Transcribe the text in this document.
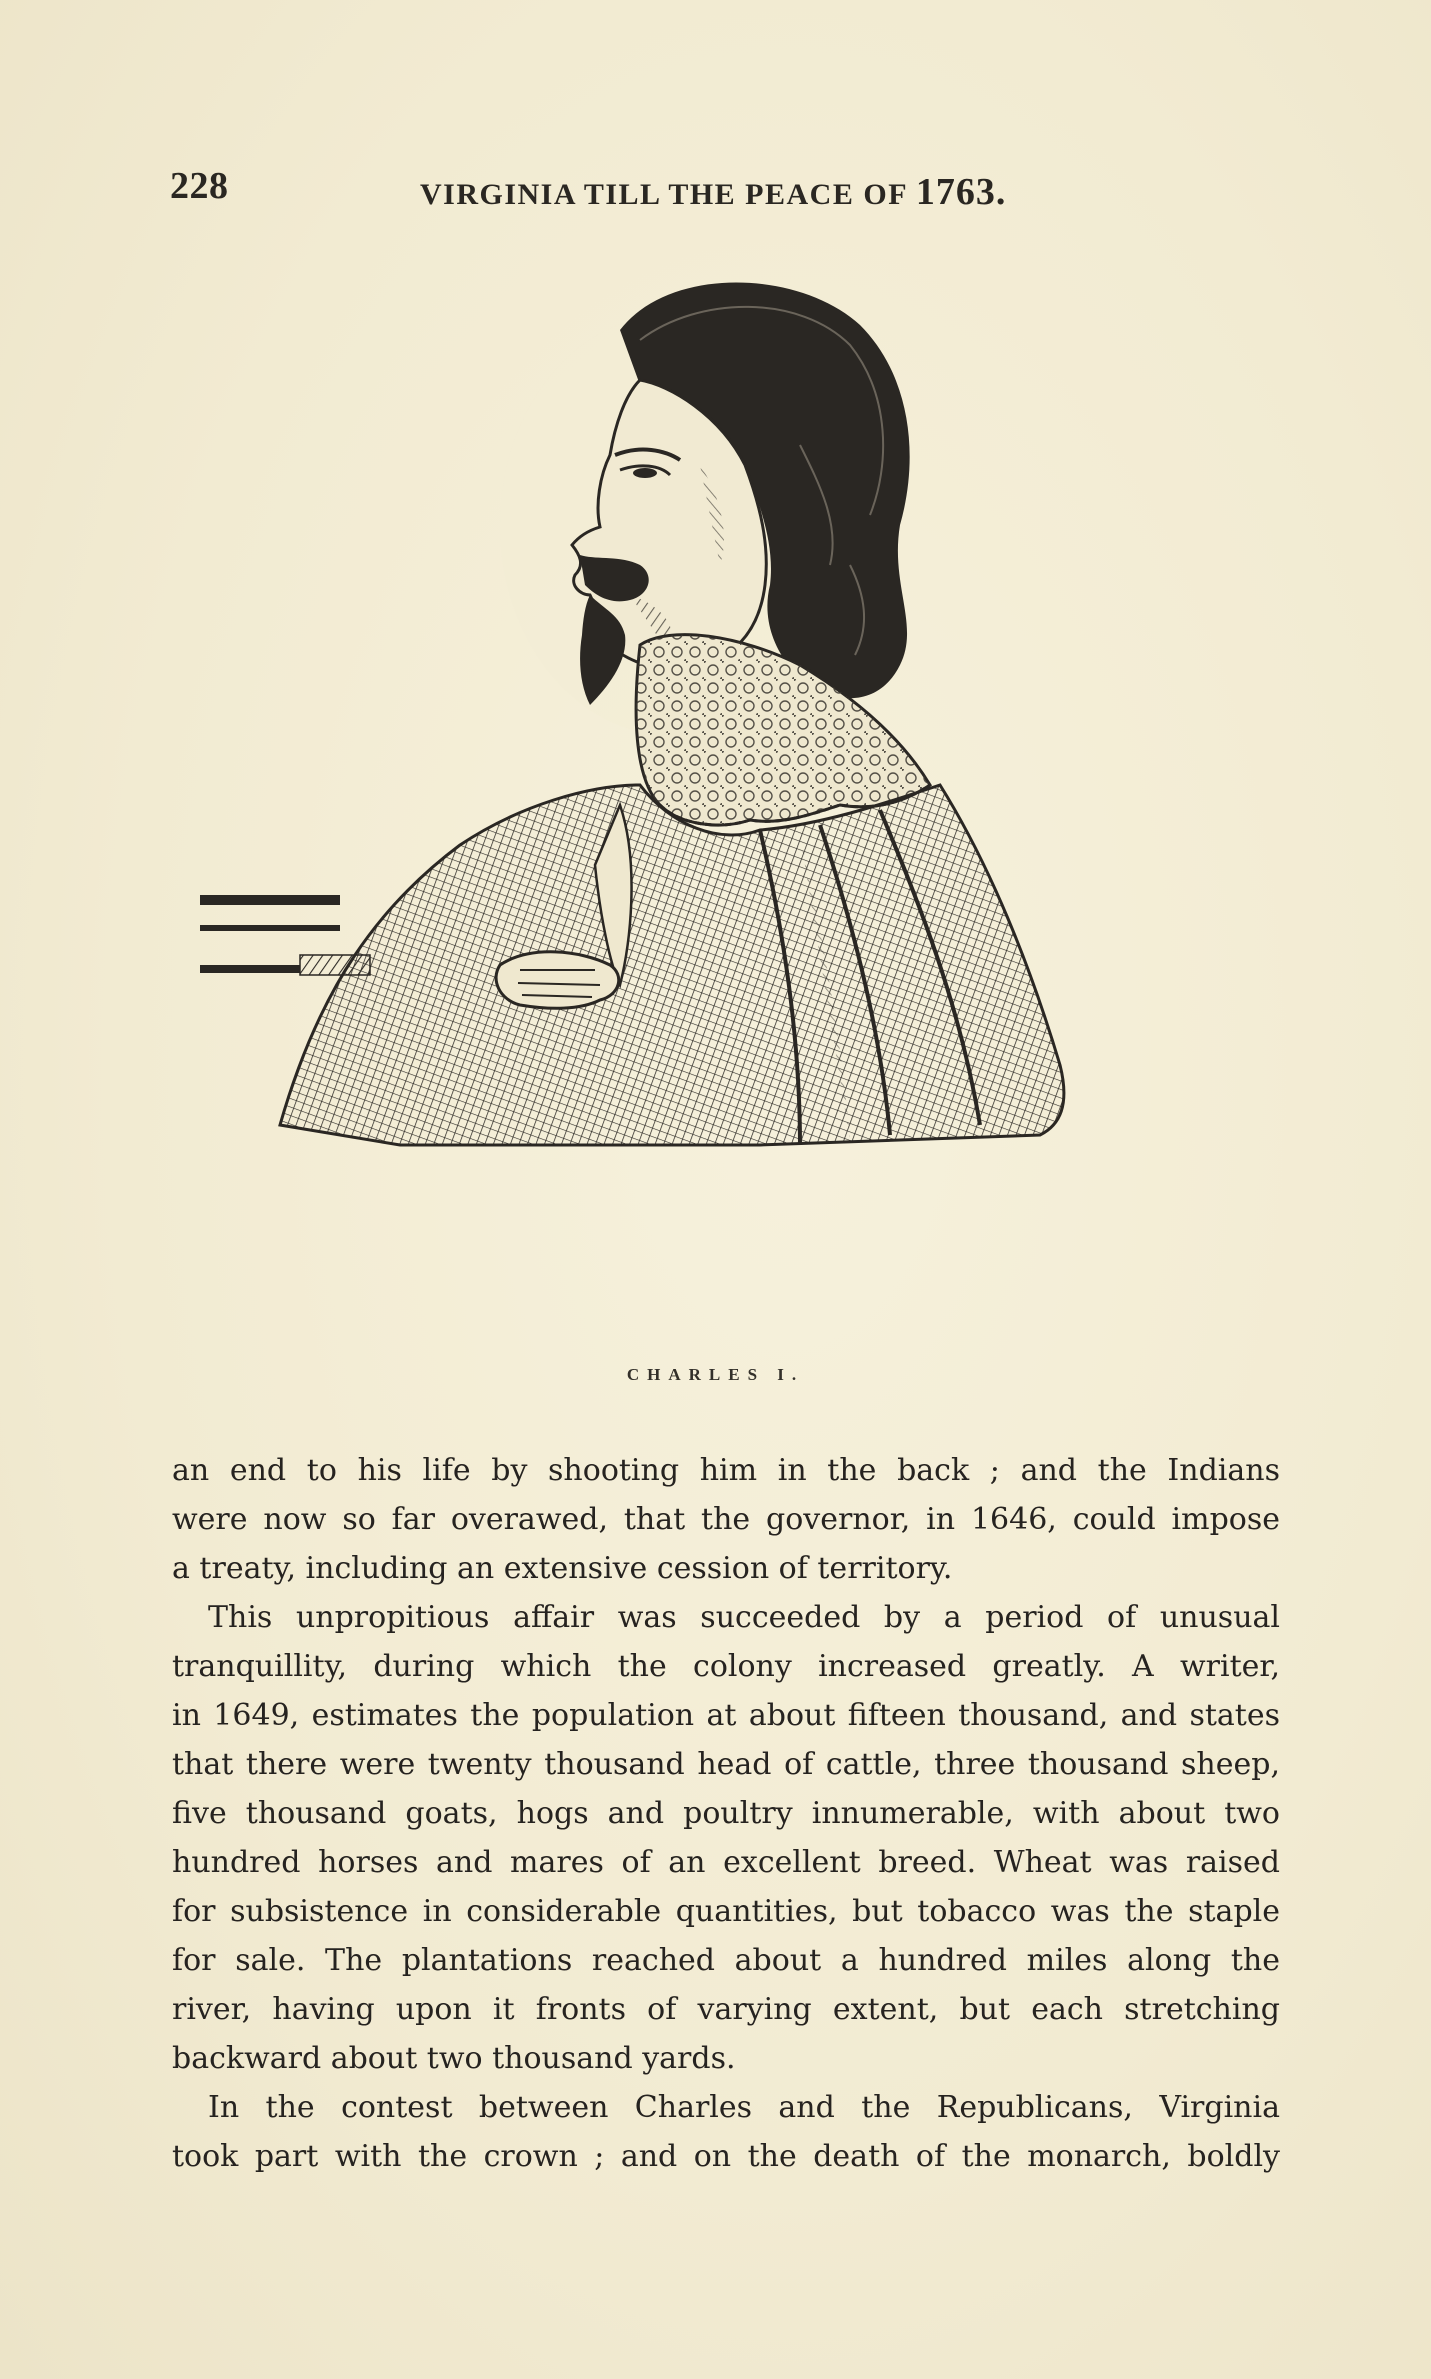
228	VIRGINIA TILL THE PEACE OF 1763.
CHARLES I.
an end to his life by shooting him in the back ; and the Indians
were now so far overawed, that the governor, in 1646, could impose
a treaty, including an extensive cession of territory.
This unpropitious affair was succeeded by a period of unusual
tranquillity, during which the colony increased greatly. A writer,
in 1649, estimates the population at about fifteen thousand, and states
that there were twenty thousand head of cattle, three thousand sheep,
five thousand goats, hogs and poultry innumerable, with about two
hundred horses and mares of an excellent breed. Wheat was raised
for subsistence in considerable quantities, but tobacco was the staple
for sale. The plantations reached about a hundred miles along the
river, having upon it fronts of varying extent, but each stretching
backward about two thousand yards.
In the contest between Charles and the Republicans, Virginia
took part with the crown ; and on the death of the monarch, boldly
